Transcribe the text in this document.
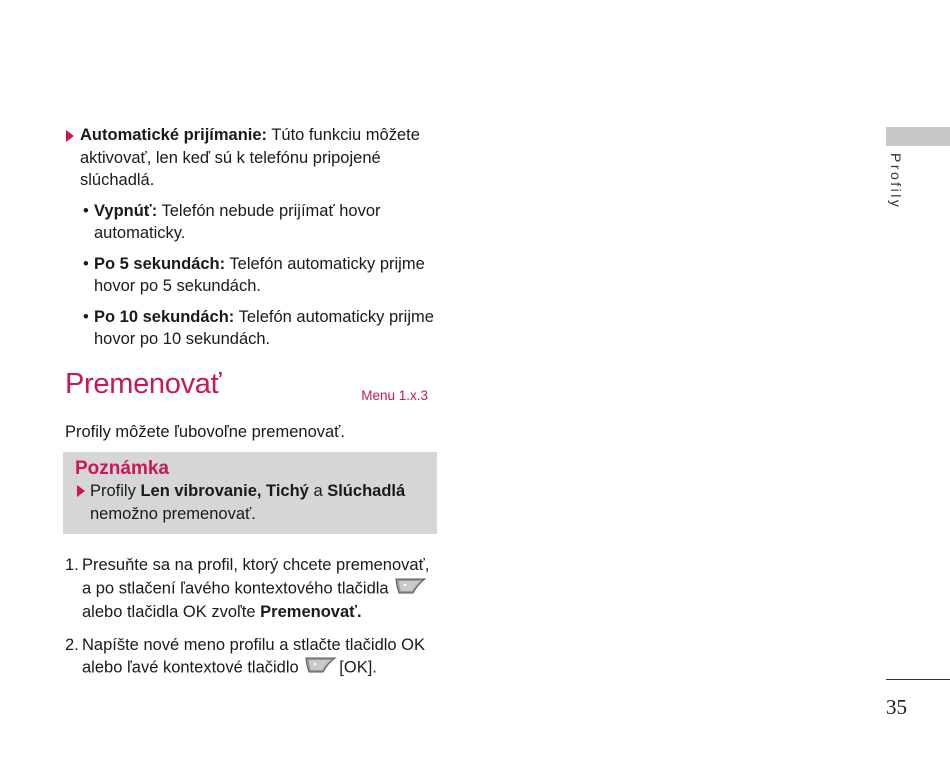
Automatické prijímanie: Túto funkciu môžete aktivovať, len keď sú k telefónu pripojené slúchadlá.
• Vypnúť: Telefón nebude prijímať hovor automaticky.
• Po 5 sekundách: Telefón automaticky prijme hovor po 5 sekundách.
• Po 10 sekundách: Telefón automaticky prijme hovor po 10 sekundách.
Premenovať	Menu 1.x.3
Profily môžete ľubovoľne premenovať.
Poznámka
Profily Len vibrovanie, Tichý a Slúchadlá nemožno premenovať.
1. Presuňte sa na profil, ktorý chcete premenovať, a po stlačení ľavého kontextového tlačidla  alebo tlačidla OK zvoľte Premenovať.
2. Napíšte nové meno profilu a stlačte tlačidlo OK alebo ľavé kontextové tlačidlo [OK].
Profily
35
